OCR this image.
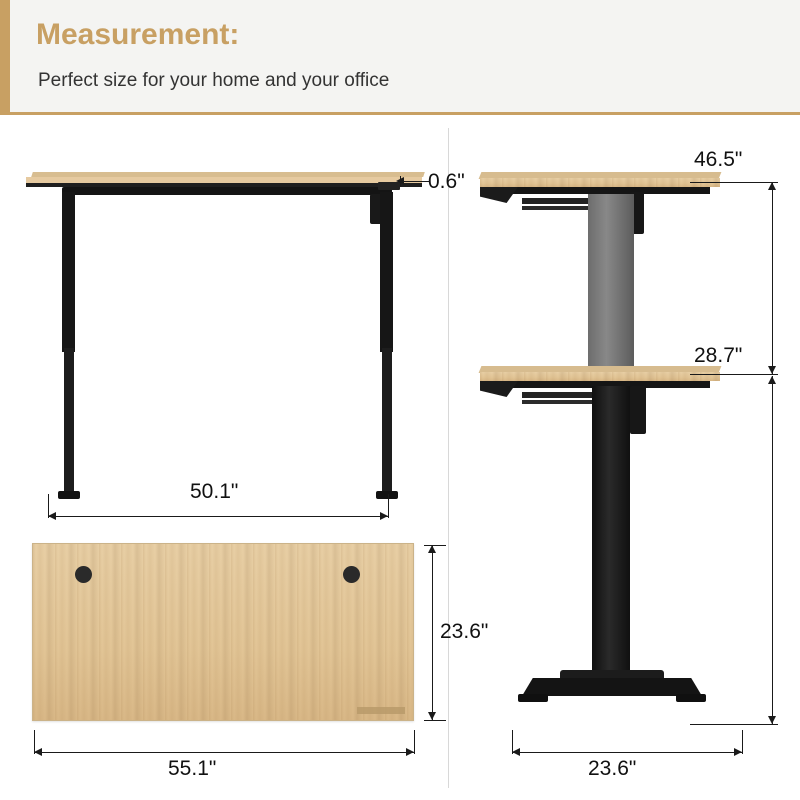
Measurement:
Perfect size for your home and your office
0.6"
50.1"
23.6"
55.1"
46.5"
28.7"
23.6"
